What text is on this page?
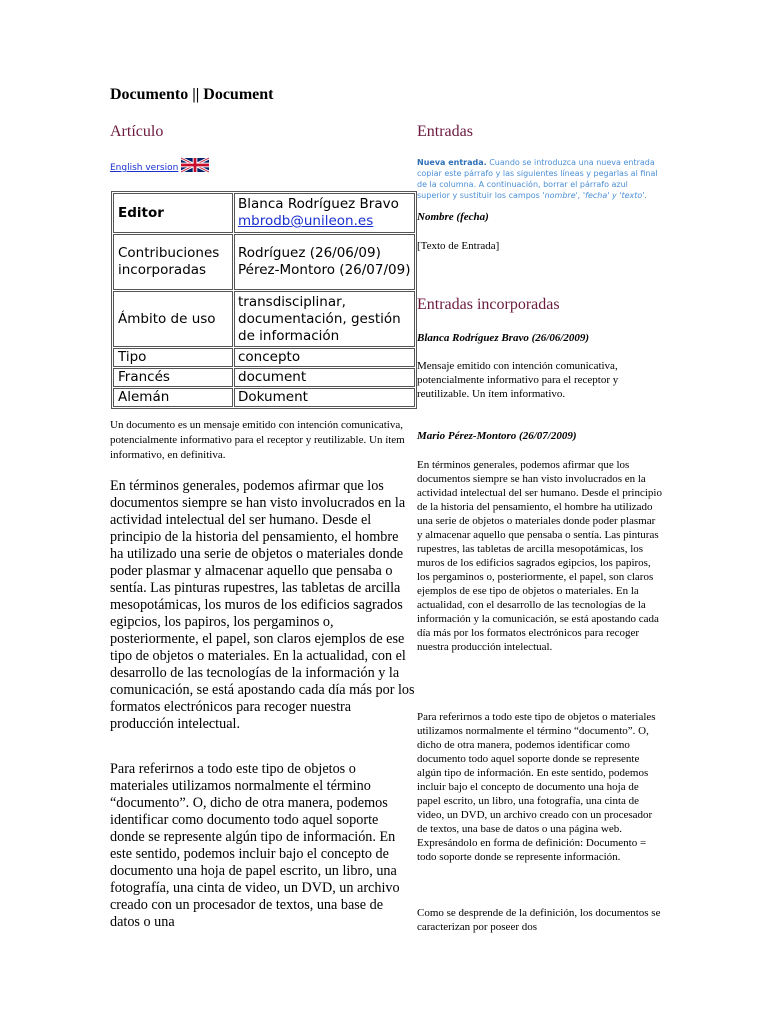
Documento || Document
Artículo	Entradas
English version
Editor	Blanca Rodríguez Bravo mbrodb@unileon.es
Contribuciones incorporadas	Rodríguez (26/06/09) Pérez-Montoro (26/07/09)
Ámbito de uso	transdisciplinar, documentación, gestión de información
Tipo	concepto
Francés	document
Alemán	Dokument

Un documento es un mensaje emitido con intención comunicativa, potencialmente informativo para el receptor y reutilizable. Un ítem informativo, en definitiva.

En términos generales, podemos afirmar que los documentos siempre se han visto involucrados en la actividad intelectual del ser humano. Desde el principio de la historia del pensamiento, el hombre ha utilizado una serie de objetos o materiales donde poder plasmar y almacenar aquello que pensaba o sentía. Las pinturas rupestres, las tabletas de arcilla mesopotámicas, los muros de los edificios sagrados egipcios, los papiros, los pergaminos o, posteriormente, el papel, son claros ejemplos de ese tipo de objetos o materiales. En la actualidad, con el desarrollo de las tecnologías de la información y la comunicación, se está apostando cada día más por los formatos electrónicos para recoger nuestra producción intelectual.

Para referirnos a todo este tipo de objetos o materiales utilizamos normalmente el término “documento”. O, dicho de otra manera, podemos identificar como documento todo aquel soporte donde se represente algún tipo de información. En este sentido, podemos incluir bajo el concepto de documento una hoja de papel escrito, un libro, una fotografía, una cinta de video, un DVD, un archivo creado con un procesador de textos, una base de datos o una

Nueva entrada. Cuando se introduzca una nueva entrada copiar este párrafo y las siguientes líneas y pegarlas al final de la columna. A continuación, borrar el párrafo azul superior y sustituir los campos 'nombre', 'fecha' y 'texto'.

Nombre (fecha)

[Texto de Entrada]

Entradas incorporadas

Blanca Rodríguez Bravo (26/06/2009)

Mensaje emitido con intención comunicativa, potencialmente informativo para el receptor y reutilizable. Un ítem informativo.

Mario Pérez-Montoro (26/07/2009)

En términos generales, podemos afirmar que los documentos siempre se han visto involucrados en la actividad intelectual del ser humano. Desde el principio de la historia del pensamiento, el hombre ha utilizado una serie de objetos o materiales donde poder plasmar y almacenar aquello que pensaba o sentía. Las pinturas rupestres, las tabletas de arcilla mesopotámicas, los muros de los edificios sagrados egipcios, los papiros, los pergaminos o, posteriormente, el papel, son claros ejemplos de ese tipo de objetos o materiales. En la actualidad, con el desarrollo de las tecnologías de la información y la comunicación, se está apostando cada día más por los formatos electrónicos para recoger nuestra producción intelectual.

Para referirnos a todo este tipo de objetos o materiales utilizamos normalmente el término “documento”. O, dicho de otra manera, podemos identificar como documento todo aquel soporte donde se represente algún tipo de información. En este sentido, podemos incluir bajo el concepto de documento una hoja de papel escrito, un libro, una fotografía, una cinta de video, un DVD, un archivo creado con un procesador de textos, una base de datos o una página web. Expresándolo en forma de definición: Documento = todo soporte donde se represente información.

Como se desprende de la definición, los documentos se caracterizan por poseer dos
